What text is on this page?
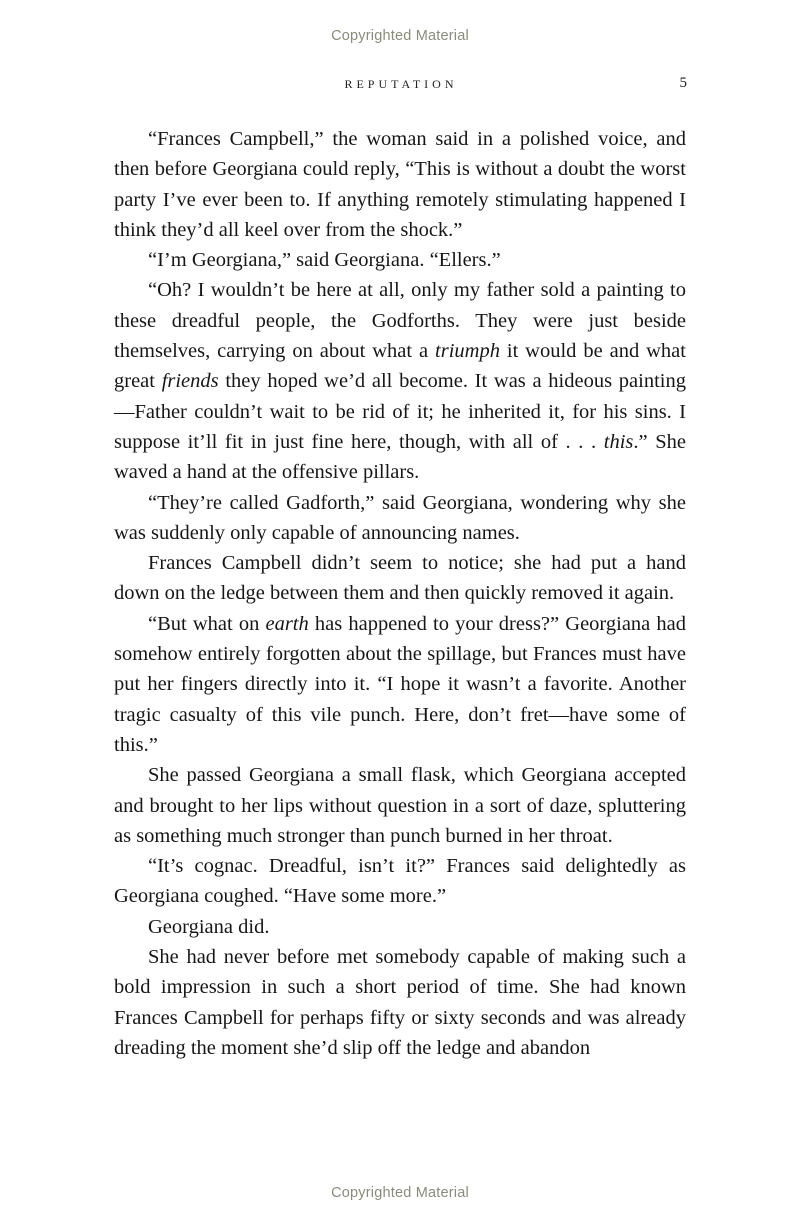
Copyrighted Material
REPUTATION	5

“Frances Campbell,” the woman said in a polished voice, and then before Georgiana could reply, “This is without a doubt the worst party I’ve ever been to. If anything remotely stimulating happened I think they’d all keel over from the shock.”

“I’m Georgiana,” said Georgiana. “Ellers.”

“Oh? I wouldn’t be here at all, only my father sold a painting to these dreadful people, the Godforths. They were just beside themselves, carrying on about what a triumph it would be and what great friends they hoped we’d all become. It was a hideous painting—Father couldn’t wait to be rid of it; he inherited it, for his sins. I suppose it’ll fit in just fine here, though, with all of . . . this.” She waved a hand at the offensive pillars.

“They’re called Gadforth,” said Georgiana, wondering why she was suddenly only capable of announcing names.

Frances Campbell didn’t seem to notice; she had put a hand down on the ledge between them and then quickly removed it again.

“But what on earth has happened to your dress?” Georgiana had somehow entirely forgotten about the spillage, but Frances must have put her fingers directly into it. “I hope it wasn’t a favorite. Another tragic casualty of this vile punch. Here, don’t fret—have some of this.”

She passed Georgiana a small flask, which Georgiana accepted and brought to her lips without question in a sort of daze, spluttering as something much stronger than punch burned in her throat.

“It’s cognac. Dreadful, isn’t it?” Frances said delightedly as Georgiana coughed. “Have some more.”

Georgiana did.

She had never before met somebody capable of making such a bold impression in such a short period of time. She had known Frances Campbell for perhaps fifty or sixty seconds and was already dreading the moment she’d slip off the ledge and abandon

Copyrighted Material
